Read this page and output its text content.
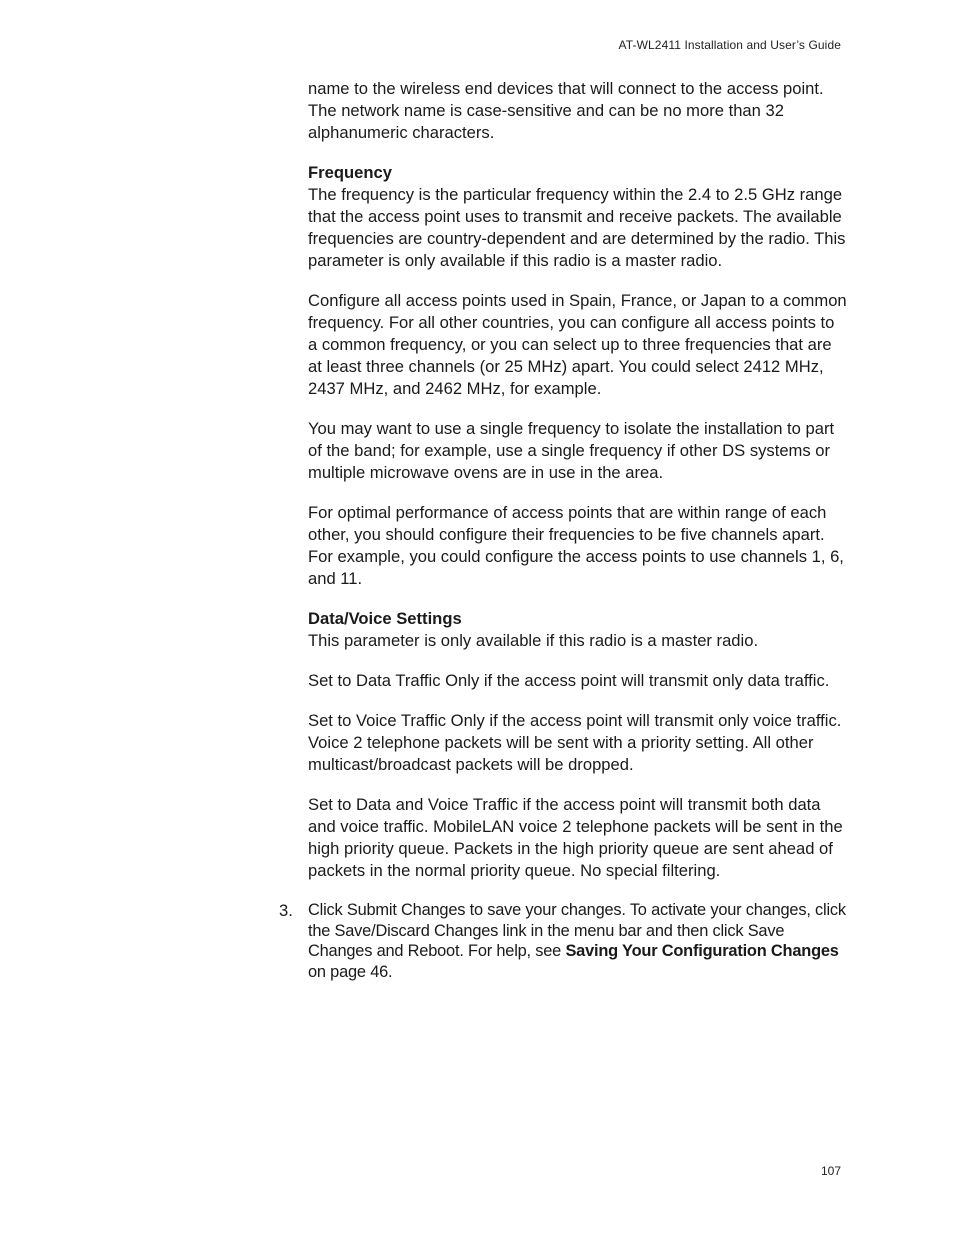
AT-WL2411 Installation and User’s Guide

name to the wireless end devices that will connect to the access point. The network name is case-sensitive and can be no more than 32 alphanumeric characters.

Frequency

The frequency is the particular frequency within the 2.4 to 2.5 GHz range that the access point uses to transmit and receive packets. The available frequencies are country-dependent and are determined by the radio. This parameter is only available if this radio is a master radio.

Configure all access points used in Spain, France, or Japan to a common frequency. For all other countries, you can configure all access points to a common frequency, or you can select up to three frequencies that are at least three channels (or 25 MHz) apart. You could select 2412 MHz, 2437 MHz, and 2462 MHz, for example.

You may want to use a single frequency to isolate the installation to part of the band; for example, use a single frequency if other DS systems or multiple microwave ovens are in use in the area.

For optimal performance of access points that are within range of each other, you should configure their frequencies to be five channels apart. For example, you could configure the access points to use channels 1, 6, and 11.

Data/Voice Settings

This parameter is only available if this radio is a master radio.

Set to Data Traffic Only if the access point will transmit only data traffic.

Set to Voice Traffic Only if the access point will transmit only voice traffic. Voice 2 telephone packets will be sent with a priority setting. All other multicast/broadcast packets will be dropped.

Set to Data and Voice Traffic if the access point will transmit both data and voice traffic. MobileLAN voice 2 telephone packets will be sent in the high priority queue. Packets in the high priority queue are sent ahead of packets in the normal priority queue. No special filtering.

3. Click Submit Changes to save your changes. To activate your changes, click the Save/Discard Changes link in the menu bar and then click Save Changes and Reboot. For help, see Saving Your Configuration Changes on page 46.
107
